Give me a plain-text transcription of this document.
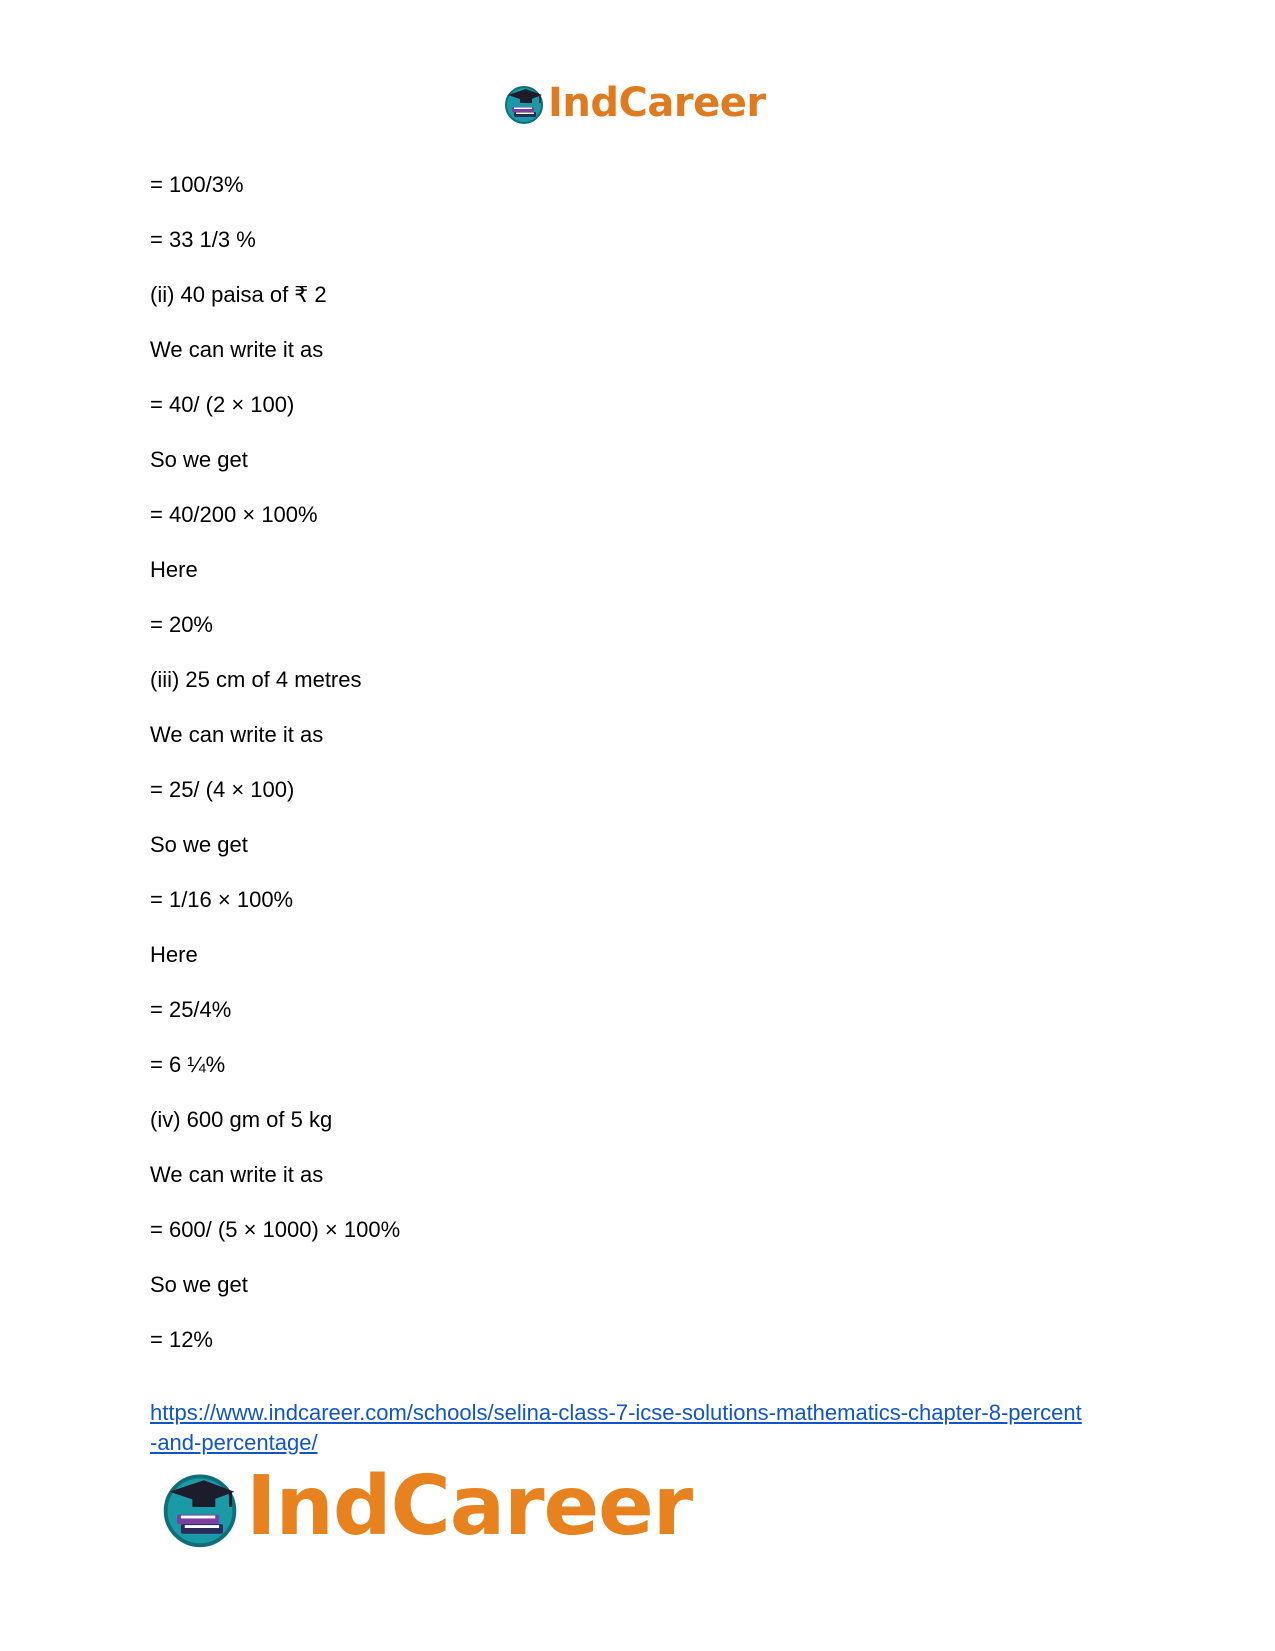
IndCareer
= 100/3%
= 33 1/3 %
(ii) 40 paisa of ₹ 2
We can write it as
= 40/ (2 × 100)
So we get
= 40/200 × 100%
Here
= 20%
(iii) 25 cm of 4 metres
We can write it as
= 25/ (4 × 100)
So we get
= 1/16 × 100%
Here
= 25/4%
= 6 ¼%
(iv) 600 gm of 5 kg
We can write it as
= 600/ (5 × 1000) × 100%
So we get
= 12%
https://www.indcareer.com/schools/selina-class-7-icse-solutions-mathematics-chapter-8-percent
-and-percentage/
IndCareer
